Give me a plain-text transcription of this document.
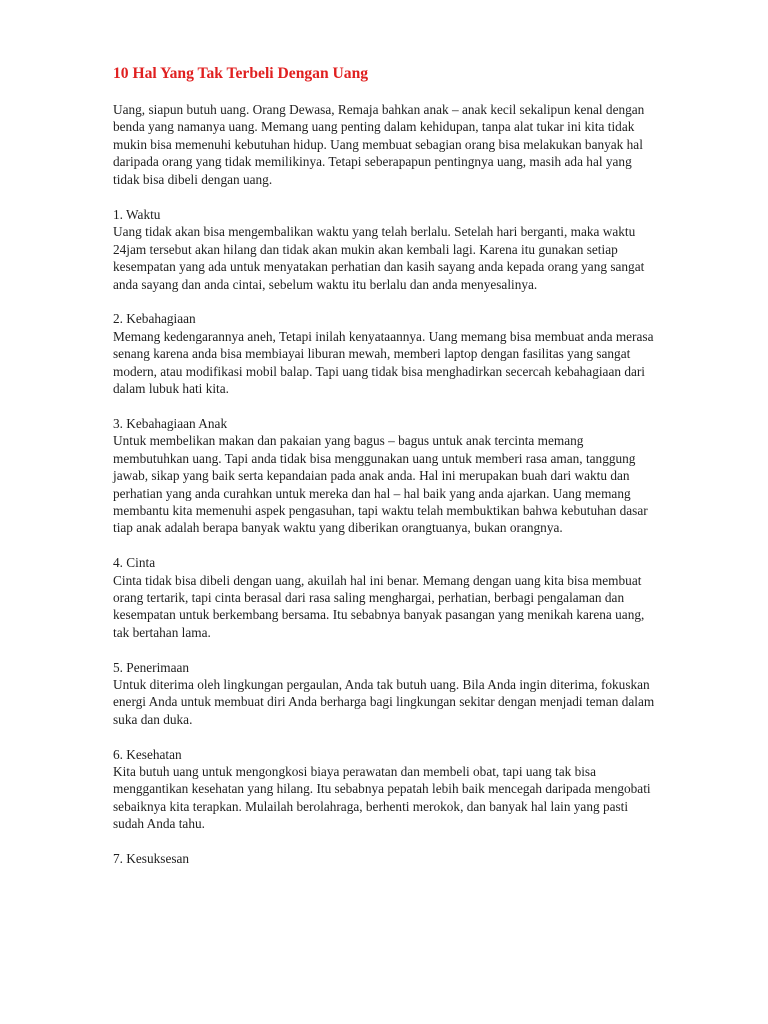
10 Hal Yang Tak Terbeli Dengan Uang
Uang, siapun butuh uang. Orang Dewasa, Remaja bahkan anak – anak kecil sekalipun kenal dengan benda yang namanya uang. Memang uang penting dalam kehidupan, tanpa alat tukar ini kita tidak mukin bisa memenuhi kebutuhan hidup. Uang membuat sebagian orang bisa melakukan banyak hal daripada orang yang tidak memilikinya. Tetapi seberapapun pentingnya uang, masih ada hal yang tidak bisa dibeli dengan uang.
1. Waktu
Uang tidak akan bisa mengembalikan waktu yang telah berlalu. Setelah hari berganti, maka waktu 24jam tersebut akan hilang dan tidak akan mukin akan kembali lagi. Karena itu gunakan setiap kesempatan yang ada untuk menyatakan perhatian dan kasih sayang anda kepada orang yang sangat anda sayang dan anda cintai, sebelum waktu itu berlalu dan anda menyesalinya.
2. Kebahagiaan
Memang kedengarannya aneh, Tetapi inilah kenyataannya. Uang memang bisa membuat anda merasa senang karena anda bisa membiayai liburan mewah, memberi laptop dengan fasilitas yang sangat modern, atau modifikasi mobil balap. Tapi uang tidak bisa menghadirkan secercah kebahagiaan dari dalam lubuk hati kita.
3. Kebahagiaan Anak
Untuk membelikan makan dan pakaian yang bagus – bagus untuk anak tercinta memang membutuhkan uang. Tapi anda tidak bisa menggunakan uang untuk memberi rasa aman, tanggung jawab, sikap yang baik serta kepandaian pada anak anda. Hal ini merupakan buah dari waktu dan perhatian yang anda curahkan untuk mereka dan hal – hal baik yang anda ajarkan. Uang memang membantu kita memenuhi aspek pengasuhan, tapi waktu telah membuktikan bahwa kebutuhan dasar tiap anak adalah berapa banyak waktu yang diberikan orangtuanya, bukan orangnya.
4. Cinta
Cinta tidak bisa dibeli dengan uang, akuilah hal ini benar. Memang dengan uang kita bisa membuat orang tertarik, tapi cinta berasal dari rasa saling menghargai, perhatian, berbagi pengalaman dan kesempatan untuk berkembang bersama. Itu sebabnya banyak pasangan yang menikah karena uang, tak bertahan lama.
5. Penerimaan
Untuk diterima oleh lingkungan pergaulan, Anda tak butuh uang. Bila Anda ingin diterima, fokuskan energi Anda untuk membuat diri Anda berharga bagi lingkungan sekitar dengan menjadi teman dalam suka dan duka.
6. Kesehatan
Kita butuh uang untuk mengongkosi biaya perawatan dan membeli obat, tapi uang tak bisa menggantikan kesehatan yang hilang. Itu sebabnya pepatah lebih baik mencegah daripada mengobati sebaiknya kita terapkan. Mulailah berolahraga, berhenti merokok, dan banyak hal lain yang pasti sudah Anda tahu.
7. Kesuksesan
